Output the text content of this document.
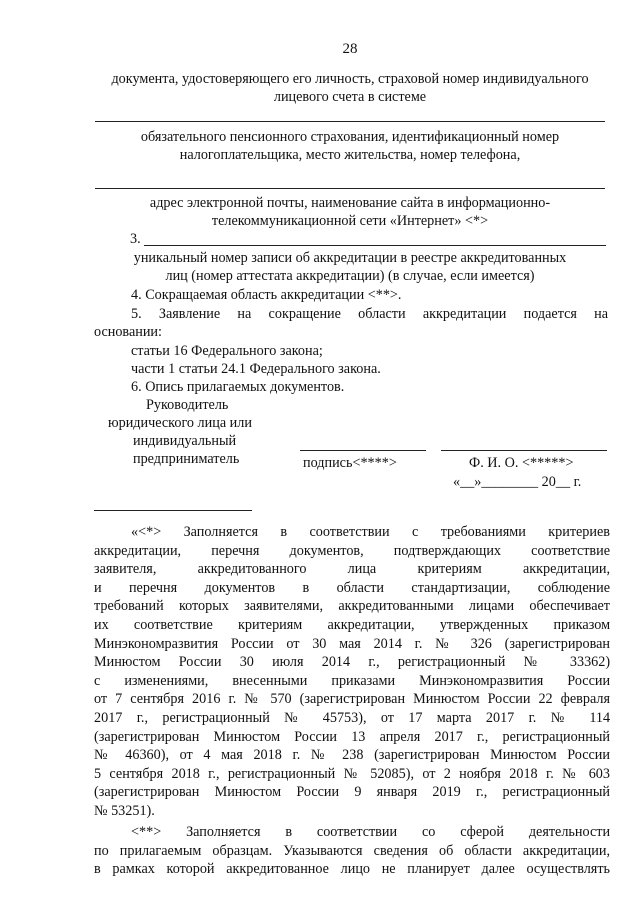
28
документа, удостоверяющего его личность, страховой номер индивидуального
лицевого счета в системе
обязательного пенсионного страхования, идентификационный номер
налогоплательщика, место жительства, номер телефона,
адрес электронной почты, наименование сайта в информационно-
телекоммуникационной сети «Интернет» <*>
3.
уникальный номер записи об аккредитации в реестре аккредитованных
лиц (номер аттестата аккредитации) (в случае, если имеется)
4. Сокращаемая область аккредитации <**>.
5. Заявление на сокращение области аккредитации подается на
основании:
статьи 16 Федерального закона;
части 1 статьи 24.1 Федерального закона.
6. Опись прилагаемых документов.
Руководитель
юридического лица или
индивидуальный
предприниматель	подпись<****>	Ф. И. О. <*****>
«__»________ 20__ г.
«<*> Заполняется в соответствии с требованиями критериев
аккредитации, перечня документов, подтверждающих соответствие
заявителя,	аккредитованного	лица	критериям	аккредитации,
и перечня документов в области стандартизации, соблюдение
требований которых заявителями, аккредитованными лицами обеспечивает
их соответствие критериям аккредитации, утвержденных приказом
Минэкономразвития России от 30 мая 2014 г. № 326 (зарегистрирован
Минюстом России 30 июля 2014 г., регистрационный № 33362)
с изменениями, внесенными приказами Минэкономразвития России
от 7 сентября 2016 г. № 570 (зарегистрирован Минюстом России 22 февраля
2017 г., регистрационный № 45753), от 17 марта 2017 г. № 114
(зарегистрирован Минюстом России 13 апреля 2017 г., регистрационный
№ 46360), от 4 мая 2018 г. № 238 (зарегистрирован Минюстом России
5 сентября 2018 г., регистрационный № 52085), от 2 ноября 2018 г. № 603
(зарегистрирован Минюстом России 9 января 2019 г., регистрационный
№ 53251).
<**> Заполняется в соответствии со сферой деятельности
по прилагаемым образцам. Указываются сведения об области аккредитации,
в рамках которой аккредитованное лицо не планирует далее осуществлять
